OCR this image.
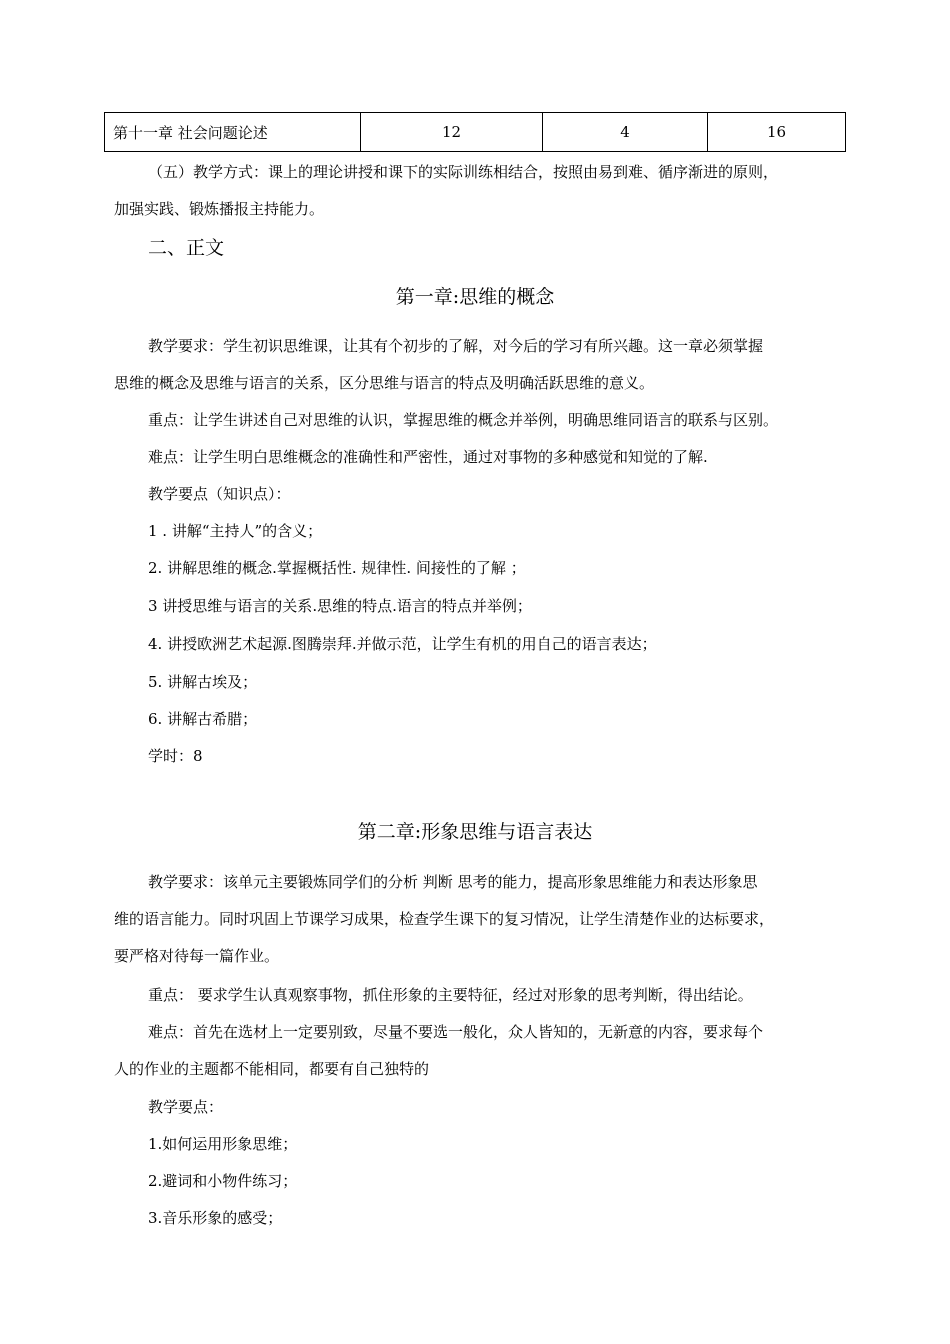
第十一章 社会问题论述	12	4	16
（五）教学方式：课上的理论讲授和课下的实际训练相结合，按照由易到难、循序渐进的原则，
加强实践、锻炼播报主持能力。
二、正文
第一章:思维的概念
教学要求：学生初识思维课，让其有个初步的了解，对今后的学习有所兴趣。这一章必须掌握
思维的概念及思维与语言的关系，区分思维与语言的特点及明确活跃思维的意义。
重点：让学生讲述自己对思维的认识，掌握思维的概念并举例，明确思维同语言的联系与区别。
难点：让学生明白思维概念的准确性和严密性，通过对事物的多种感觉和知觉的了解.
教学要点（知识点）：
1 . 讲解“主持人”的含义；
2. 讲解思维的概念.掌握概括性. 规律性. 间接性的了解 ；
3 讲授思维与语言的关系.思维的特点.语言的特点并举例；
4. 讲授欧洲艺术起源.图腾崇拜.并做示范，让学生有机的用自己的语言表达；
5. 讲解古埃及；
6. 讲解古希腊；
学时：8
第二章:形象思维与语言表达
教学要求：该单元主要锻炼同学们的分析 判断 思考的能力，提高形象思维能力和表达形象思
维的语言能力。同时巩固上节课学习成果，检查学生课下的复习情况，让学生清楚作业的达标要求，
要严格对待每一篇作业。
重点： 要求学生认真观察事物，抓住形象的主要特征，经过对形象的思考判断，得出结论。
难点：首先在选材上一定要别致，尽量不要选一般化，众人皆知的，无新意的内容，要求每个
人的作业的主题都不能相同，都要有自己独特的
教学要点：
1.如何运用形象思维；
2.避词和小物件练习；
3.音乐形象的感受；
